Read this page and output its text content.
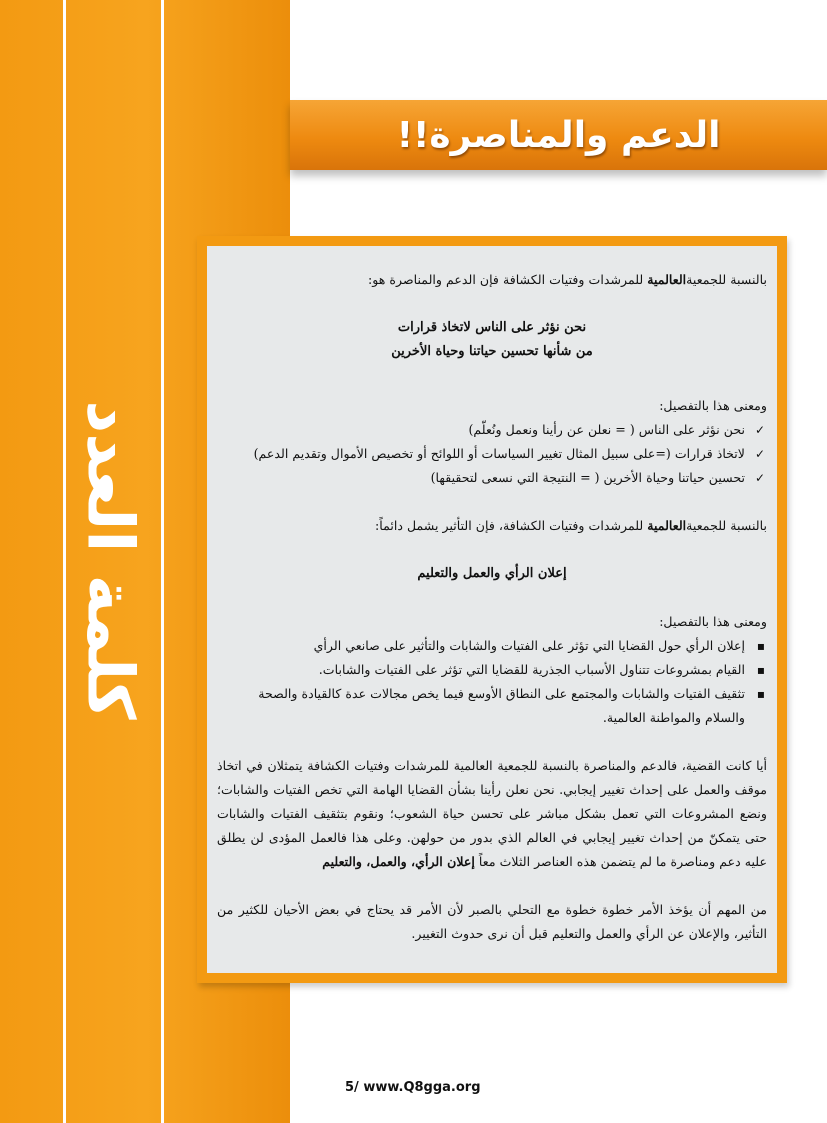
كلمة العدد
الدعم والمناصرة!!

بالنسبة للجمعيةالعالمية للمرشدات وفتيات الكشافة فإن الدعم والمناصرة هو:

نحن نؤثر على الناس لاتخاذ قرارات

من شأنها تحسين حياتنا وحياة الأخرين

ومعنى هذا بالتفصيل:

✓ نحن نؤثر على الناس ( = نعلن عن رأينا ونعمل ونُعلّم)
✓ لاتخاذ قرارات (=على سبيل المثال تغيير السياسات أو اللوائح أو تخصيص الأموال وتقديم الدعم)
✓ تحسين حياتنا وحياة الأخرين ( = النتيجة التي نسعى لتحقيقها)

بالنسبة للجمعيةالعالمية للمرشدات وفتيات الكشافة، فإن التأثير يشمل دائماً:

إعلان الرأي والعمل والتعليم

ومعنى هذا بالتفصيل:

▪ إعلان الرأي حول القضايا التي تؤثر على الفتيات والشابات والتأثير على صانعي الرأي
▪ القيام بمشروعات تتناول الأسباب الجذرية للقضايا التي تؤثر على الفتيات والشابات.
▪ تثقيف الفتيات والشابات والمجتمع على النطاق الأوسع فيما يخص مجالات عدة كالقيادة والصحة والسلام والمواطنة العالمية.

أيا كانت القضية، فالدعم والمناصرة بالنسبة للجمعية العالمية للمرشدات وفتيات الكشافة يتمثلان في اتخاذ موقف والعمل على إحداث تغيير إيجابي. نحن نعلن رأينا بشأن القضايا الهامة التي تخص الفتيات والشابات؛ ونضع المشروعات التي تعمل بشكل مباشر على تحسن حياة الشعوب؛ ونقوم بتثقيف الفتيات والشابات حتى يتمكنّ من إحداث تغيير إيجابي في العالم الذي بدور من حولهن. وعلى هذا فالعمل المؤدى لن يطلق عليه دعم ومناصرة ما لم يتضمن هذه العناصر الثلاث معاً إعلان الرأي، والعمل، والتعليم

من المهم أن يؤخذ الأمر خطوة خطوة مع التحلي بالصبر لأن الأمر قد يحتاج في بعض الأحيان للكثير من التأثير، والإعلان عن الرأي والعمل والتعليم قبل أن نرى حدوث التغيير.

5/ www.Q8gga.org
